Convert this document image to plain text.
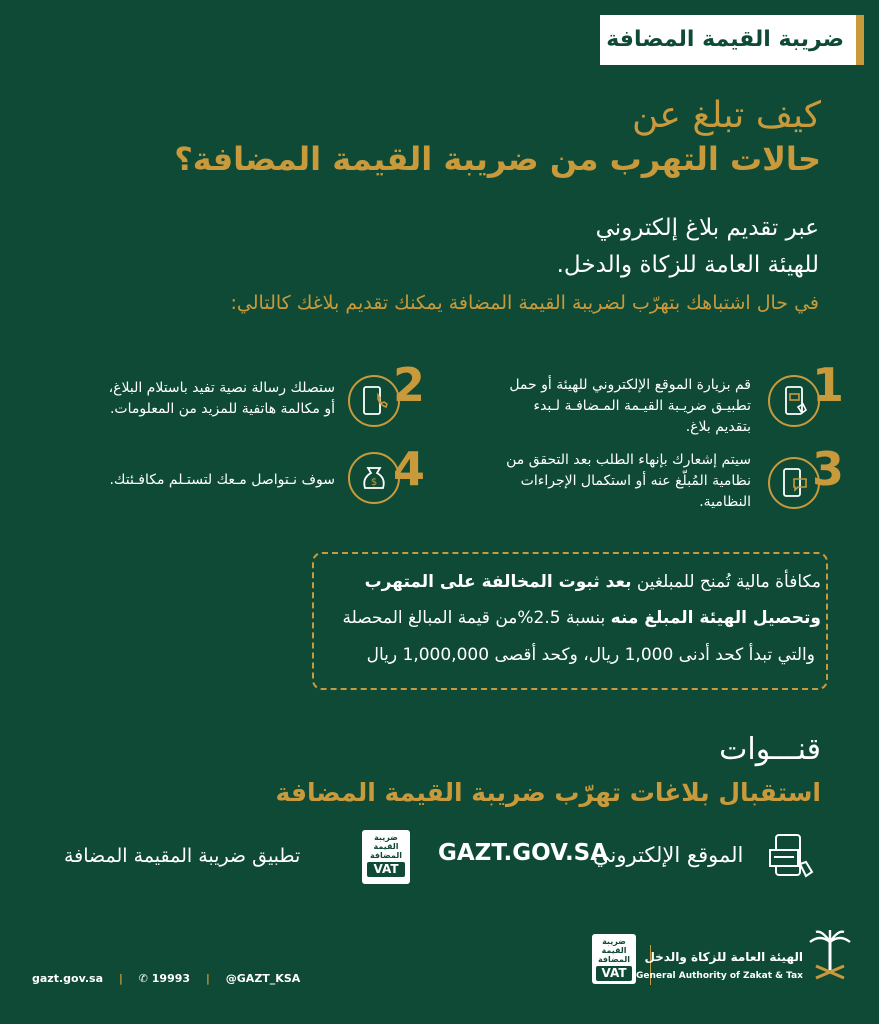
ضريبة القيمة المضافة
كيف تبلغ عن
حالات التهرب من ضريبة القيمة المضافة؟
عبر تقديم بلاغ إلكتروني
للهيئة العامة للزكاة والدخل.
في حال اشتباهك بتهرّب لضريبة القيمة المضافة يمكنك تقديم بلاغك كالتالي:
1
قم بزيارة الموقع الإلكتروني للهيئة أو حمل
تطبيـق ضريـبة القيـمة المـضافـة لـبدء
بتقديم بلاغ.
3
سيتم إشعارك بإنهاء الطلب بعد التحقق من
نظامية المُبلّغ عنه أو استكمال الإجراءات
النظامية.
2
ستصلك رسالة نصية تفيد باستلام البلاغ،
أو مكالمة هاتفية للمزيد من المعلومات.
4
$
سوف نـتواصل مـعك لتستـلم مكافـئتك.
مكافأة مالية تُمنح للمبلغين بعد ثبوت المخالفة على المتهرب
وتحصيل الهيئة المبلغ منه بنسبة 2.5%من قيمة المبالغ المحصلة
والتي تبدأ كحد أدنى 1,000 ريال، وكحد أقصى 1,000,000 ريال
قنـــوات
استقبال بلاغات تهرّب ضريبة القيمة المضافة
الموقع الإلكتروني
GAZT.GOV.SA
ضريبة
القيمة
المضافة
VAT
تطبيق ضريبة المقيمة المضافة
ضريبة
القيمة
المضافة
VAT
الهيئة العامة للزكاة والدخل
General Authority of Zakat & Tax
gazt.gov.sa | ✆ 19993 | @GAZT_KSA
